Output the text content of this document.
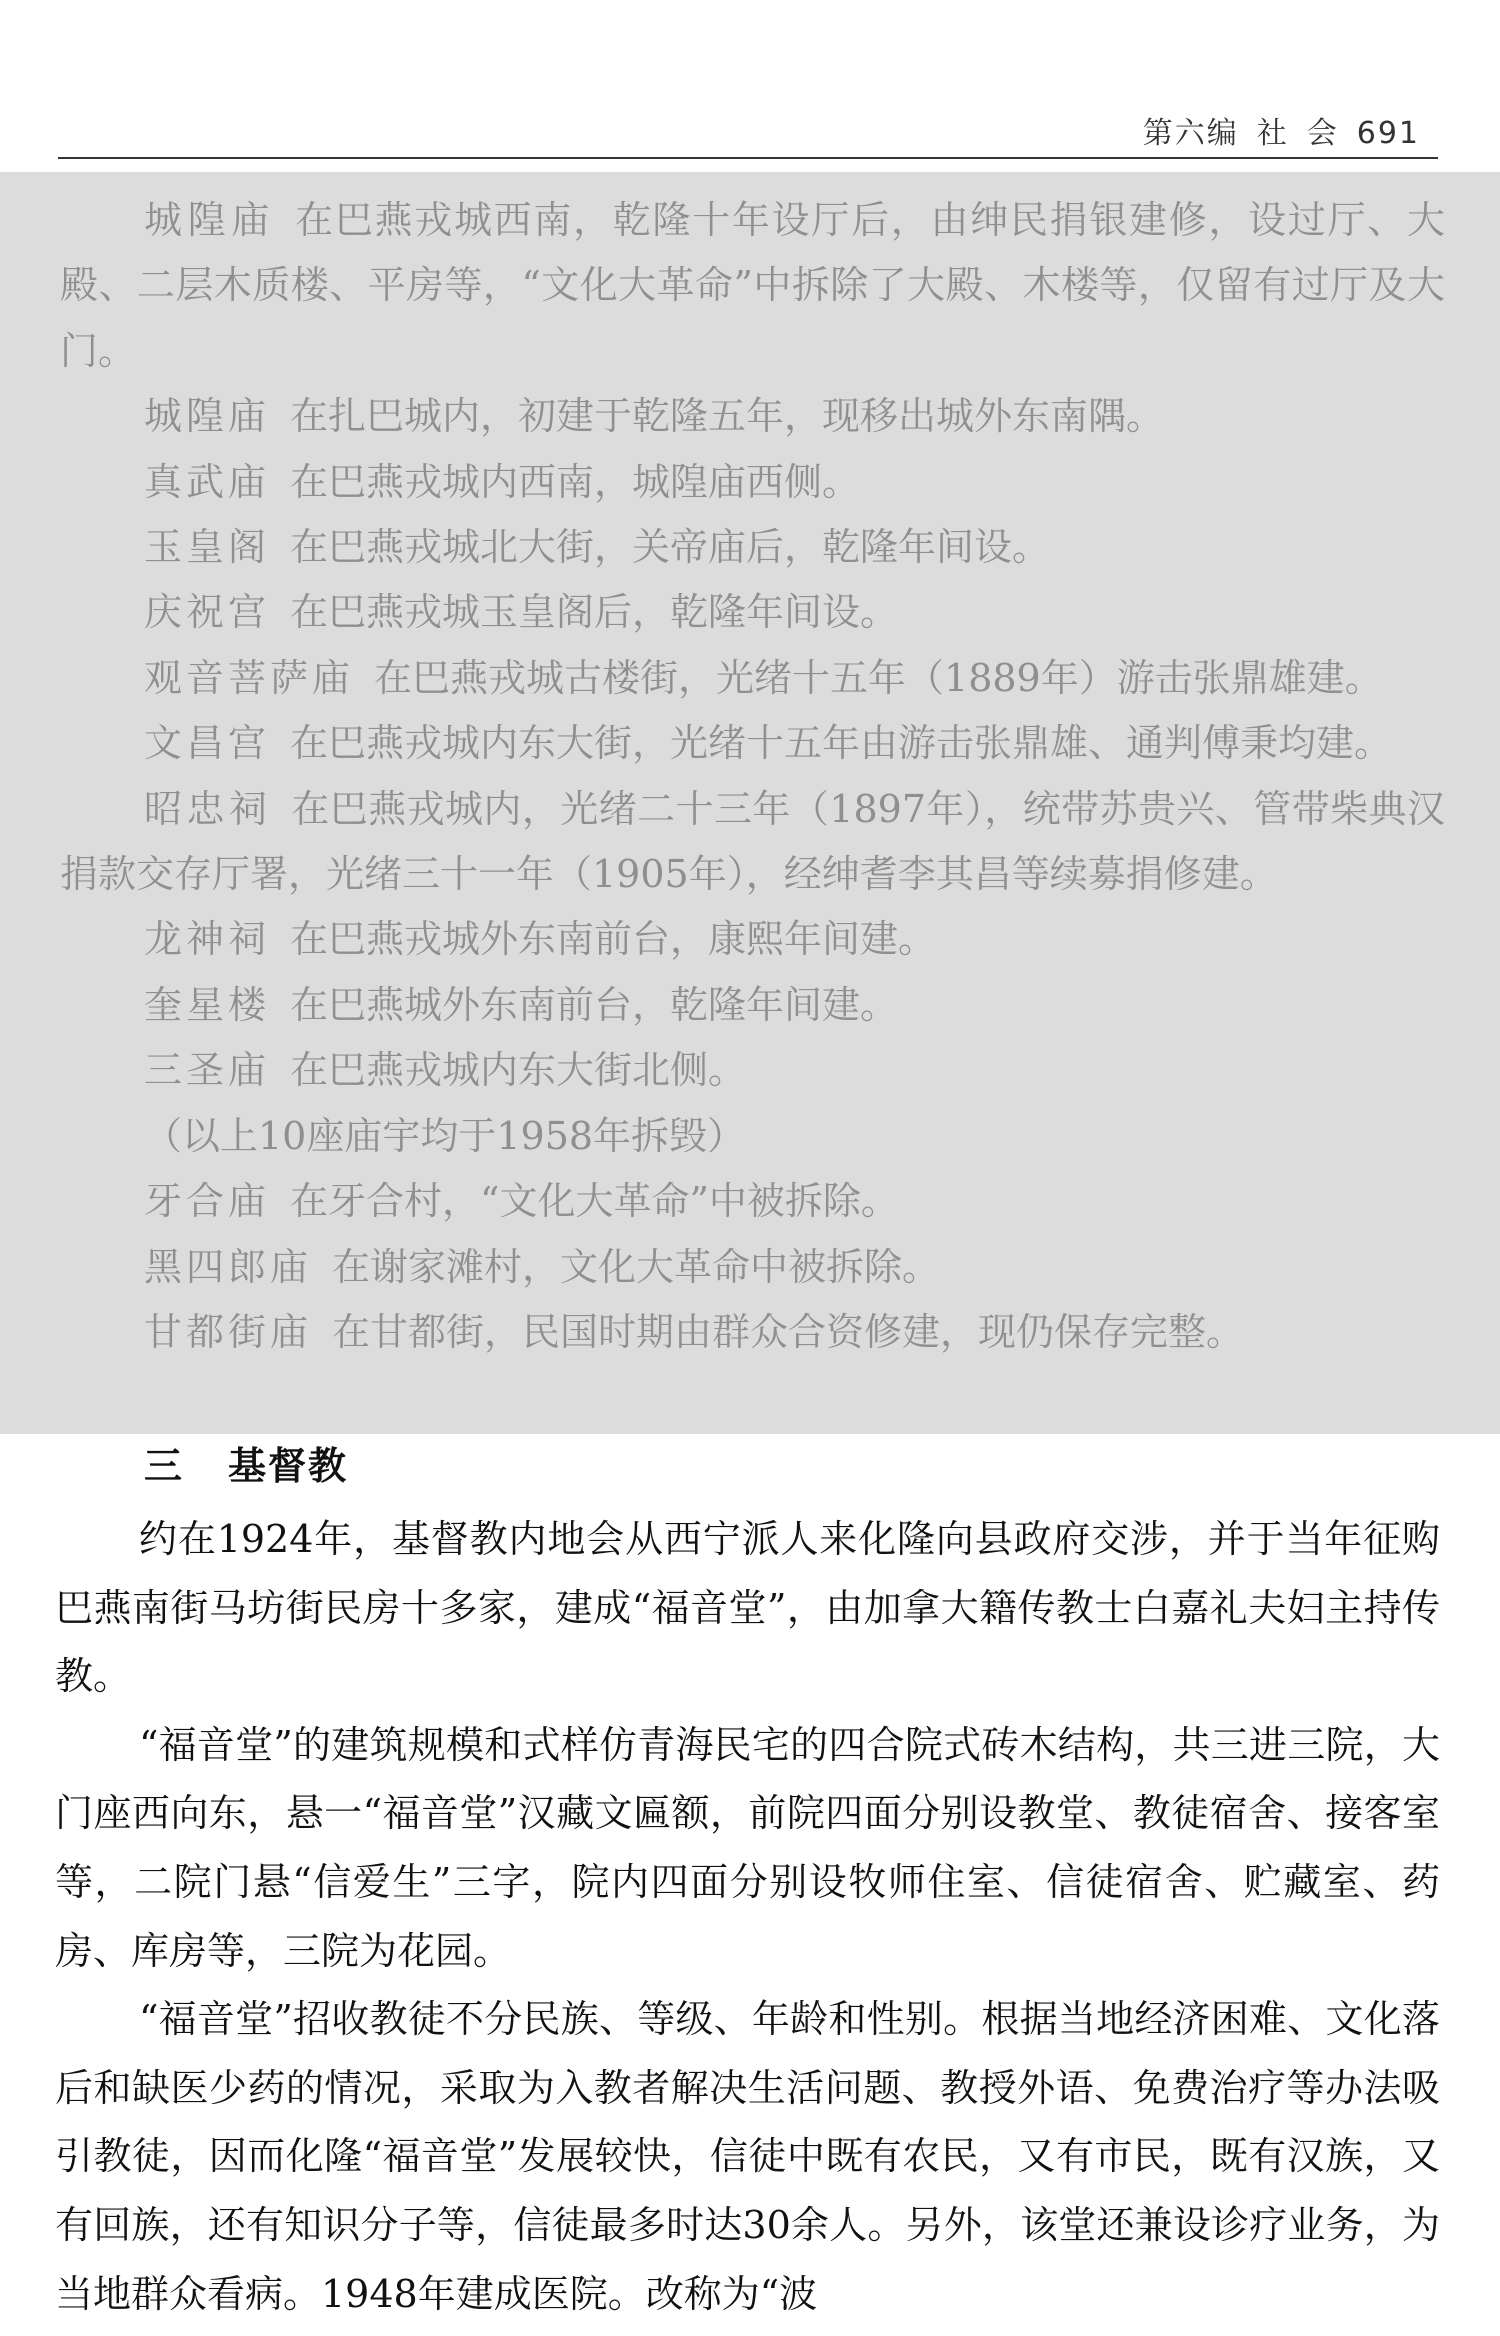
第六编 社 会 691
城隍庙 在巴燕戎城西南，乾隆十年设厅后，由绅民捐银建修，设过厅、大殿、二层木质楼、平房等，“文化大革命”中拆除了大殿、木楼等，仅留有过厅及大门。
城隍庙 在扎巴城内，初建于乾隆五年，现移出城外东南隅。
真武庙 在巴燕戎城内西南，城隍庙西侧。
玉皇阁 在巴燕戎城北大街，关帝庙后，乾隆年间设。
庆祝宫 在巴燕戎城玉皇阁后，乾隆年间设。
观音菩萨庙 在巴燕戎城古楼街，光绪十五年（1889年）游击张鼎雄建。
文昌宫 在巴燕戎城内东大街，光绪十五年由游击张鼎雄、通判傅秉均建。
昭忠祠 在巴燕戎城内，光绪二十三年（1897年），统带苏贵兴、管带柴典汉捐款交存厅署，光绪三十一年（1905年），经绅耆李其昌等续募捐修建。
龙神祠 在巴燕戎城外东南前台，康熙年间建。
奎星楼 在巴燕城外东南前台，乾隆年间建。
三圣庙 在巴燕戎城内东大街北侧。
（以上10座庙宇均于1958年拆毁）
牙合庙 在牙合村，“文化大革命”中被拆除。
黑四郎庙 在谢家滩村，文化大革命中被拆除。
甘都街庙 在甘都街，民国时期由群众合资修建，现仍保存完整。
三 基督教

约在1924年，基督教内地会从西宁派人来化隆向县政府交涉，并于当年征购巴燕南街马坊街民房十多家，建成“福音堂”，由加拿大籍传教士白嘉礼夫妇主持传教。

“福音堂”的建筑规模和式样仿青海民宅的四合院式砖木结构，共三进三院，大门座西向东，悬一“福音堂”汉藏文匾额，前院四面分别设教堂、教徒宿舍、接客室等，二院门悬“信爱生”三字，院内四面分别设牧师住室、信徒宿舍、贮藏室、药房、库房等，三院为花园。

“福音堂”招收教徒不分民族、等级、年龄和性别。根据当地经济困难、文化落后和缺医少药的情况，采取为入教者解决生活问题、教授外语、免费治疗等办法吸引教徒，因而化隆“福音堂”发展较快，信徒中既有农民，又有市民，既有汉族，又有回族，还有知识分子等，信徒最多时达30余人。另外，该堂还兼设诊疗业务，为当地群众看病。1948年建成医院。改称为“波
